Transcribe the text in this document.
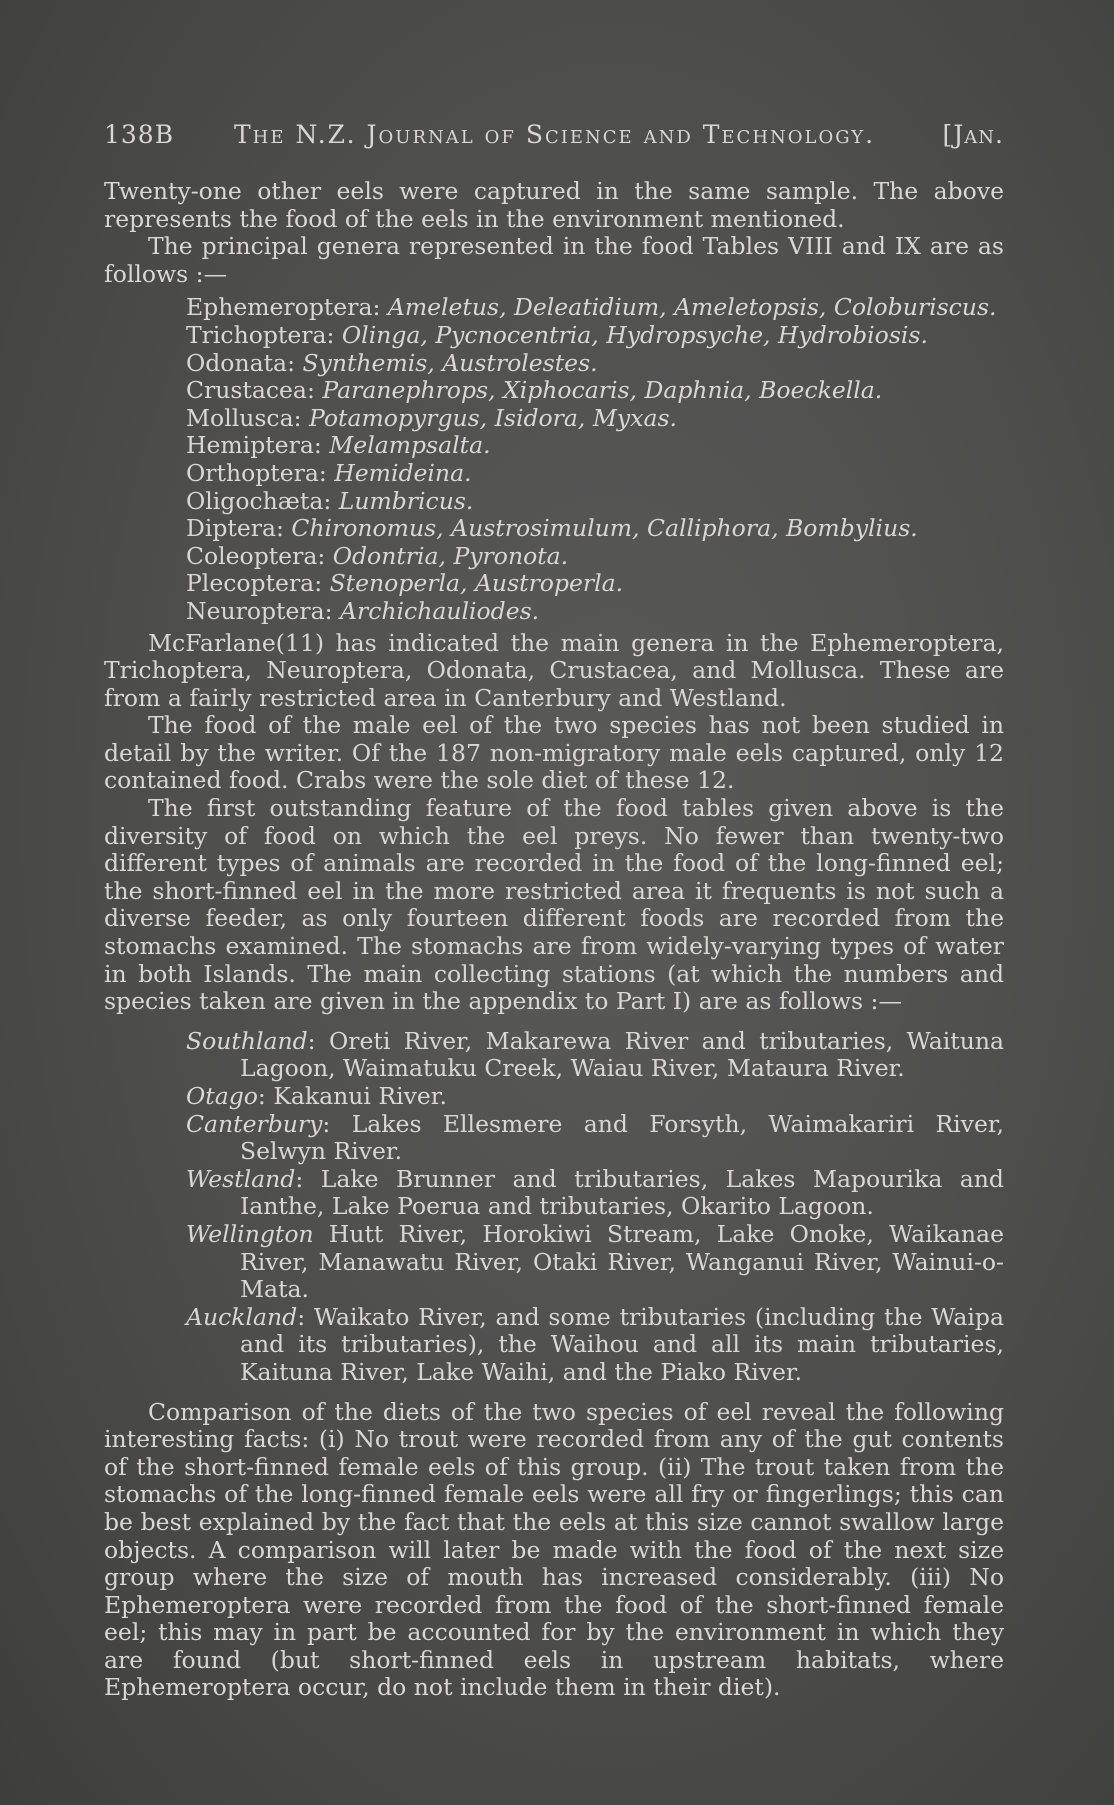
138B The N.Z. Journal of Science and Technology.	[Jan.

Twenty-one other eels were captured in the same sample. The above represents the food of the eels in the environment mentioned.

The principal genera represented in the food Tables VIII and IX are as follows :—

Ephemeroptera: Ameletus, Deleatidium, Ameletopsis, Coloburiscus.
Trichoptera: Olinga, Pycnocentria, Hydropsyche, Hydrobiosis.
Odonata: Synthemis, Austrolestes.
Crustacea: Paranephrops, Xiphocaris, Daphnia, Boeckella.
Mollusca: Potamopyrgus, Isidora, Myxas.
Hemiptera: Melampsalta.
Orthoptera: Hemideina.
Oligochæta: Lumbricus.
Diptera: Chironomus, Austrosimulum, Calliphora, Bombylius.
Coleoptera: Odontria, Pyronota.
Plecoptera: Stenoperla, Austroperla.
Neuroptera: Archichauliodes.

McFarlane(11) has indicated the main genera in the Ephemeroptera, Trichoptera, Neuroptera, Odonata, Crustacea, and Mollusca. These are from a fairly restricted area in Canterbury and Westland.

The food of the male eel of the two species has not been studied in detail by the writer. Of the 187 non-migratory male eels captured, only 12 contained food. Crabs were the sole diet of these 12.

The first outstanding feature of the food tables given above is the diversity of food on which the eel preys. No fewer than twenty-two different types of animals are recorded in the food of the long-finned eel; the short-finned eel in the more restricted area it frequents is not such a diverse feeder, as only fourteen different foods are recorded from the stomachs examined. The stomachs are from widely-varying types of water in both Islands. The main collecting stations (at which the numbers and species taken are given in the appendix to Part I) are as follows :—

Southland: Oreti River, Makarewa River and tributaries, Waituna Lagoon, Waimatuku Creek, Waiau River, Mataura River.
Otago: Kakanui River.
Canterbury: Lakes Ellesmere and Forsyth, Waimakariri River, Selwyn River.
Westland: Lake Brunner and tributaries, Lakes Mapourika and Ianthe, Lake Poerua and tributaries, Okarito Lagoon.
Wellington Hutt River, Horokiwi Stream, Lake Onoke, Waikanae River, Manawatu River, Otaki River, Wanganui River, Wainui-o-Mata.
Auckland: Waikato River, and some tributaries (including the Waipa and its tributaries), the Waihou and all its main tributaries, Kaituna River, Lake Waihi, and the Piako River.

Comparison of the diets of the two species of eel reveal the following interesting facts: (i) No trout were recorded from any of the gut contents of the short-finned female eels of this group. (ii) The trout taken from the stomachs of the long-finned female eels were all fry or fingerlings; this can be best explained by the fact that the eels at this size cannot swallow large objects. A comparison will later be made with the food of the next size group where the size of mouth has increased considerably. (iii) No Ephemeroptera were recorded from the food of the short-finned female eel; this may in part be accounted for by the environment in which they are found (but short-finned eels in upstream habitats, where Ephemeroptera occur, do not include them in their diet).
